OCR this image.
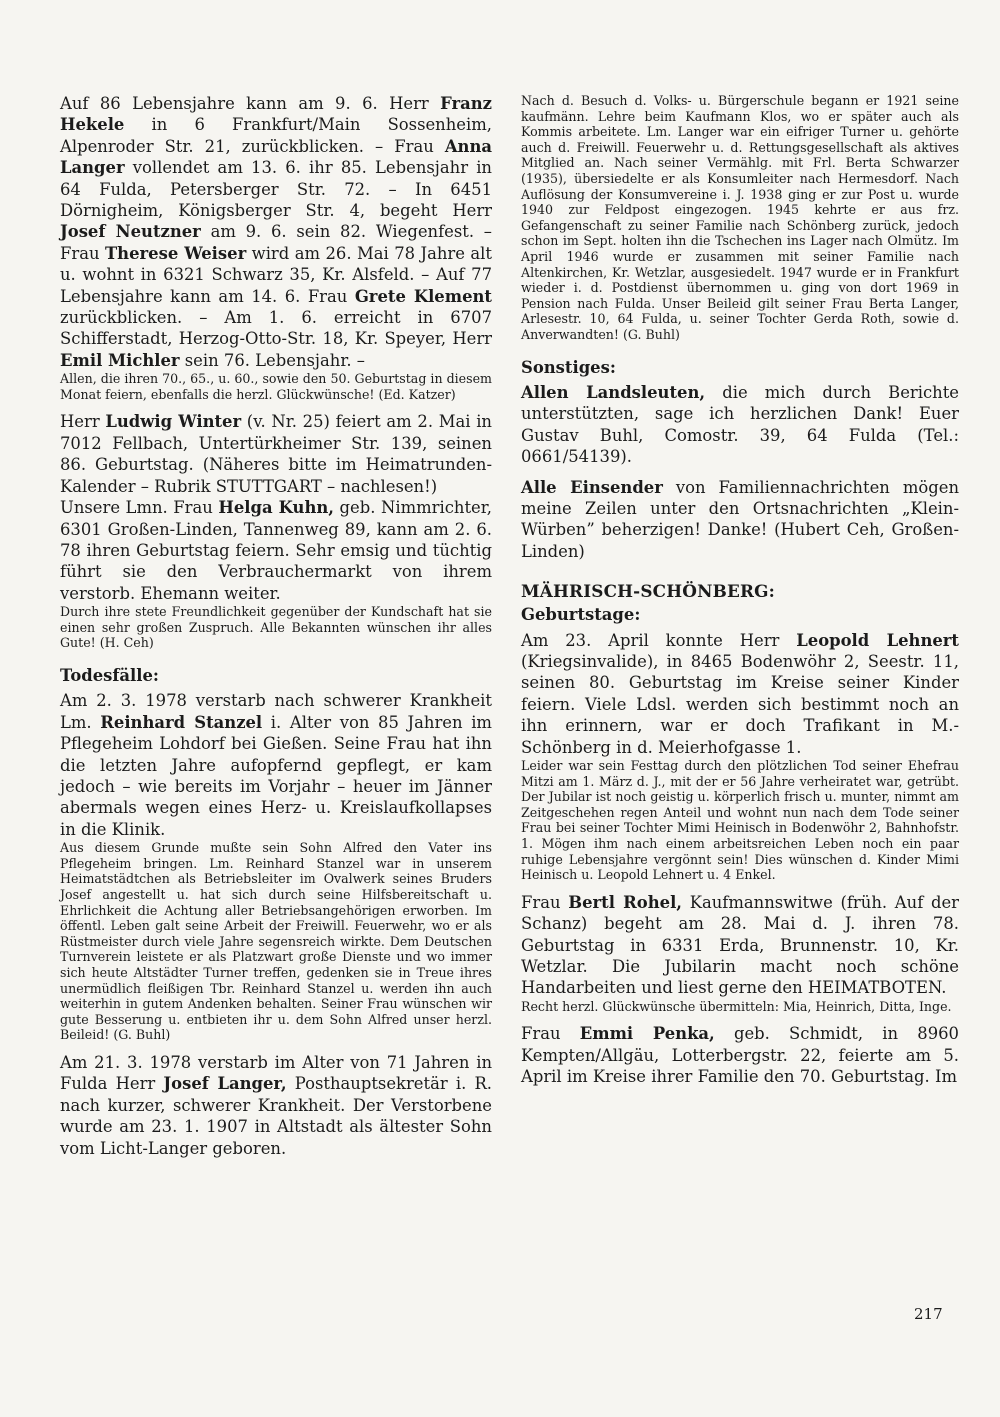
Auf 86 Lebensjahre kann am 9. 6. Herr Franz Hekele in 6 Frankfurt/Main Sossenheim, Alpenroder Str. 21, zurückblicken. – Frau Anna Langer vollendet am 13. 6. ihr 85. Lebensjahr in 64 Fulda, Petersberger Str. 72. – In 6451 Dörnigheim, Königsberger Str. 4, begeht Herr Josef Neutzner am 9. 6. sein 82. Wiegenfest. – Frau Therese Weiser wird am 26. Mai 78 Jahre alt u. wohnt in 6321 Schwarz 35, Kr. Alsfeld. – Auf 77 Lebensjahre kann am 14. 6. Frau Grete Klement zurückblicken. – Am 1. 6. erreicht in 6707 Schifferstadt, Herzog-Otto-Str. 18, Kr. Speyer, Herr Emil Michler sein 76. Lebensjahr. –

Allen, die ihren 70., 65., u. 60., sowie den 50. Geburtstag in diesem Monat feiern, ebenfalls die herzl. Glückwünsche! (Ed. Katzer)

Herr Ludwig Winter (v. Nr. 25) feiert am 2. Mai in 7012 Fellbach, Untertürkheimer Str. 139, seinen 86. Geburtstag. (Näheres bitte im Heimatrunden-Kalender – Rubrik STUTTGART – nachlesen!)

Unsere Lmn. Frau Helga Kuhn, geb. Nimmrichter, 6301 Großen-Linden, Tannenweg 89, kann am 2. 6. 78 ihren Geburtstag feiern. Sehr emsig und tüchtig führt sie den Verbrauchermarkt von ihrem verstorb. Ehemann weiter.

Durch ihre stete Freundlichkeit gegenüber der Kundschaft hat sie einen sehr großen Zuspruch. Alle Bekannten wünschen ihr alles Gute! (H. Ceh)

Todesfälle:

Am 2. 3. 1978 verstarb nach schwerer Krankheit Lm. Reinhard Stanzel i. Alter von 85 Jahren im Pflegeheim Lohdorf bei Gießen. Seine Frau hat ihn die letzten Jahre aufopfernd gepflegt, er kam jedoch – wie bereits im Vorjahr – heuer im Jänner abermals wegen eines Herz- u. Kreislaufkollapses in die Klinik.

Aus diesem Grunde mußte sein Sohn Alfred den Vater ins Pflegeheim bringen. Lm. Reinhard Stanzel war in unserem Heimatstädtchen als Betriebsleiter im Ovalwerk seines Bruders Josef angestellt u. hat sich durch seine Hilfsbereitschaft u. Ehrlichkeit die Achtung aller Betriebsangehörigen erworben. Im öffentl. Leben galt seine Arbeit der Freiwill. Feuerwehr, wo er als Rüstmeister durch viele Jahre segensreich wirkte. Dem Deutschen Turnverein leistete er als Platzwart große Dienste und wo immer sich heute Altstädter Turner treffen, gedenken sie in Treue ihres unermüdlich fleißigen Tbr. Reinhard Stanzel u. werden ihn auch weiterhin in gutem Andenken behalten. Seiner Frau wünschen wir gute Besserung u. entbieten ihr u. dem Sohn Alfred unser herzl. Beileid! (G. Buhl)

Am 21. 3. 1978 verstarb im Alter von 71 Jahren in Fulda Herr Josef Langer, Posthauptsekretär i. R. nach kurzer, schwerer Krankheit. Der Verstorbene wurde am 23. 1. 1907 in Altstadt als ältester Sohn vom Licht-Langer geboren.

Nach d. Besuch d. Volks- u. Bürgerschule begann er 1921 seine kaufmänn. Lehre beim Kaufmann Klos, wo er später auch als Kommis arbeitete. Lm. Langer war ein eifriger Turner u. gehörte auch d. Freiwill. Feuerwehr u. d. Rettungsgesellschaft als aktives Mitglied an. Nach seiner Vermählg. mit Frl. Berta Schwarzer (1935), übersiedelte er als Konsumleiter nach Hermesdorf. Nach Auflösung der Konsumvereine i. J. 1938 ging er zur Post u. wurde 1940 zur Feldpost eingezogen. 1945 kehrte er aus frz. Gefangenschaft zu seiner Familie nach Schönberg zurück, jedoch schon im Sept. holten ihn die Tschechen ins Lager nach Olmütz. Im April 1946 wurde er zusammen mit seiner Familie nach Altenkirchen, Kr. Wetzlar, ausgesiedelt. 1947 wurde er in Frankfurt wieder i. d. Postdienst übernommen u. ging von dort 1969 in Pension nach Fulda. Unser Beileid gilt seiner Frau Berta Langer, Arlesestr. 10, 64 Fulda, u. seiner Tochter Gerda Roth, sowie d. Anverwandten! (G. Buhl)

Sonstiges:

Allen Landsleuten, die mich durch Berichte unterstützten, sage ich herzlichen Dank! Euer Gustav Buhl, Comostr. 39, 64 Fulda (Tel.: 0661/54139).

Alle Einsender von Familiennachrichten mögen meine Zeilen unter den Ortsnachrichten „Klein-Würben” beherzigen! Danke! (Hubert Ceh, Großen-Linden)

MÄHRISCH-SCHÖNBERG:
Geburtstage:

Am 23. April konnte Herr Leopold Lehnert (Kriegsinvalide), in 8465 Bodenwöhr 2, Seestr. 11, seinen 80. Geburtstag im Kreise seiner Kinder feiern. Viele Ldsl. werden sich bestimmt noch an ihn erinnern, war er doch Trafikant in M.-Schönberg in d. Meierhofgasse 1.

Leider war sein Festtag durch den plötzlichen Tod seiner Ehefrau Mitzi am 1. März d. J., mit der er 56 Jahre verheiratet war, getrübt. Der Jubilar ist noch geistig u. körperlich frisch u. munter, nimmt am Zeitgeschehen regen Anteil und wohnt nun nach dem Tode seiner Frau bei seiner Tochter Mimi Heinisch in Bodenwöhr 2, Bahnhofstr. 1. Mögen ihm nach einem arbeitsreichen Leben noch ein paar ruhige Lebensjahre vergönnt sein! Dies wünschen d. Kinder Mimi Heinisch u. Leopold Lehnert u. 4 Enkel.

Frau Bertl Rohel, Kaufmannswitwe (früh. Auf der Schanz) begeht am 28. Mai d. J. ihren 78. Geburtstag in 6331 Erda, Brunnenstr. 10, Kr. Wetzlar. Die Jubilarin macht noch schöne Handarbeiten und liest gerne den HEIMATBOTEN.

Recht herzl. Glückwünsche übermitteln: Mia, Heinrich, Ditta, Inge.

Frau Emmi Penka, geb. Schmidt, in 8960 Kempten/Allgäu, Lotterbergstr. 22, feierte am 5. April im Kreise ihrer Familie den 70. Geburtstag. Im

217
